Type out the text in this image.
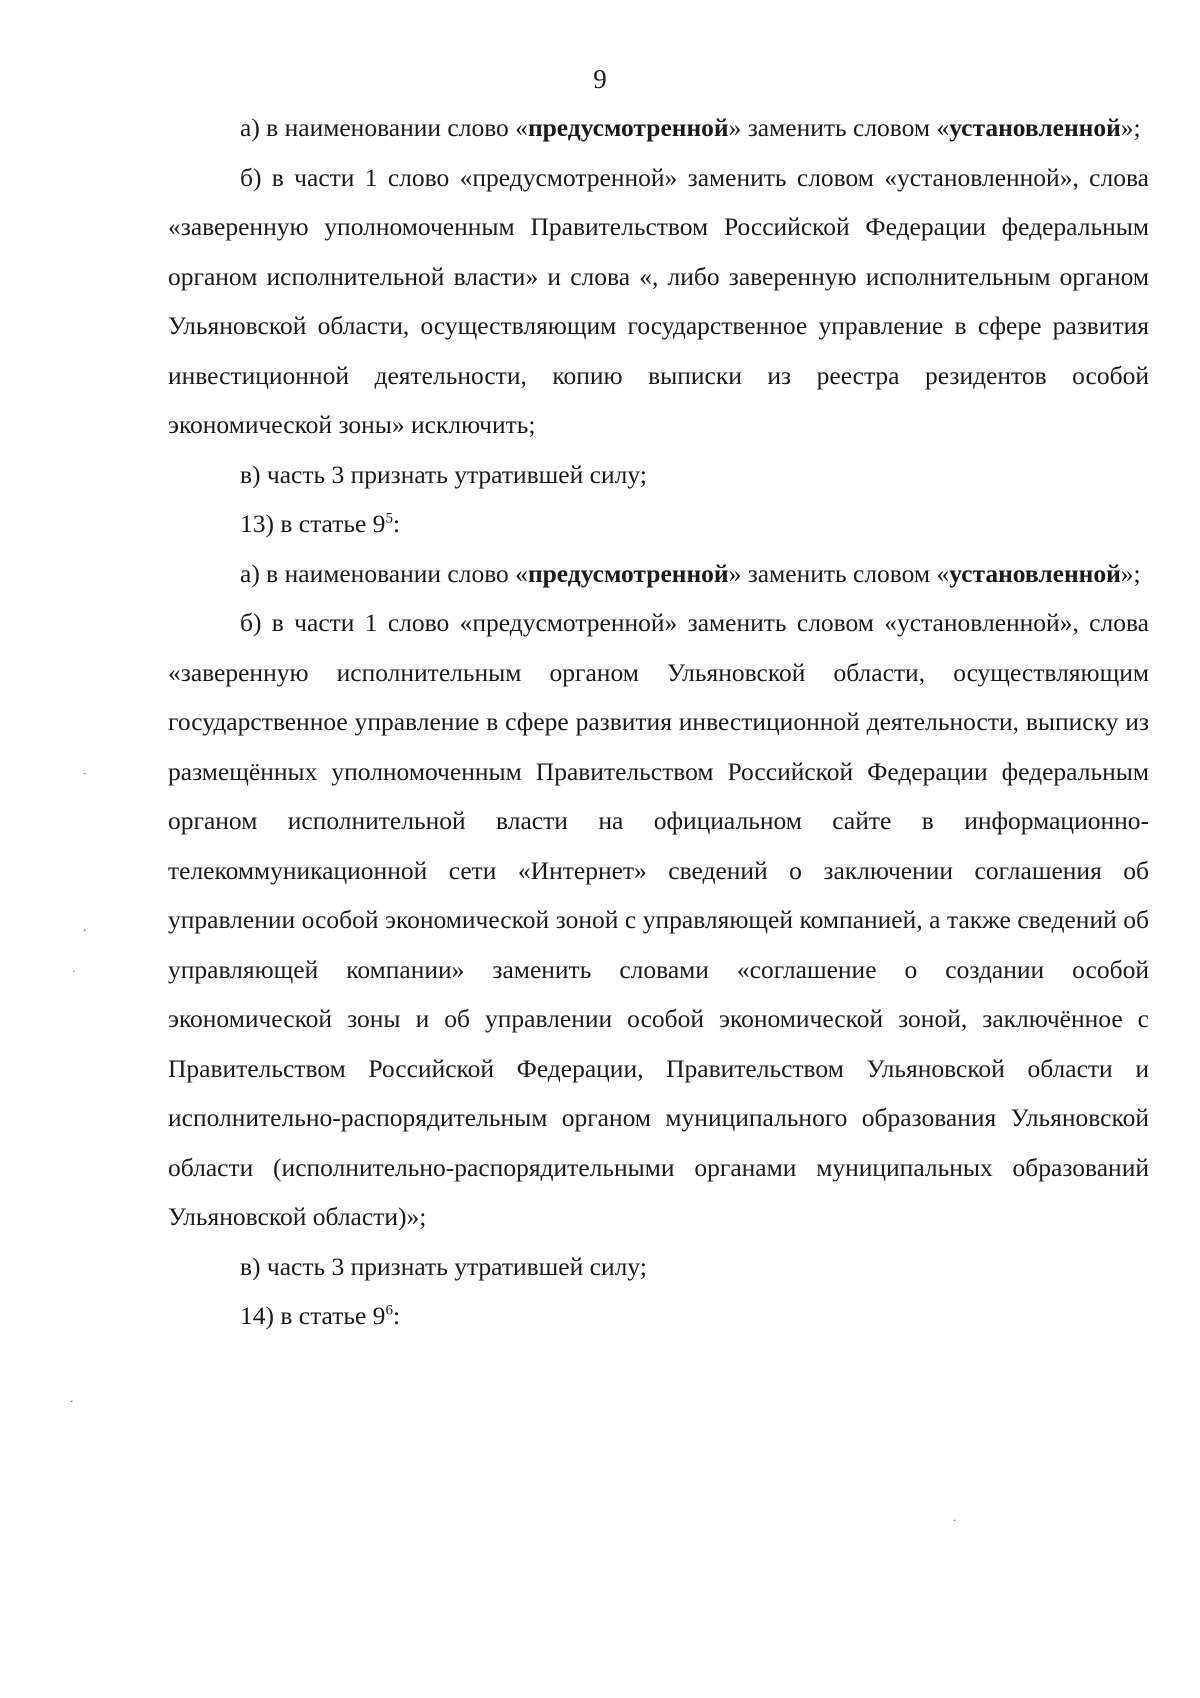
9

а) в наименовании слово «предусмотренной» заменить словом «установленной»;

б) в части 1 слово «предусмотренной» заменить словом «установленной», слова «заверенную уполномоченным Правительством Российской Федерации федеральным органом исполнительной власти» и слова «, либо заверенную исполнительным органом Ульяновской области, осуществляющим государственное управление в сфере развития инвестиционной деятельности, копию выписки из реестра резидентов особой экономической зоны» исключить;

в) часть 3 признать утратившей силу;

13) в статье $9^5$:

а) в наименовании слово «предусмотренной» заменить словом «установленной»;

б) в части 1 слово «предусмотренной» заменить словом «установленной», слова «заверенную исполнительным органом Ульяновской области, осуществляющим государственное управление в сфере развития инвестиционной деятельности, выписку из размещённых уполномоченным Правительством Российской Федерации федеральным органом исполнительной власти на официальном сайте в информационно-телекоммуникационной сети «Интернет» сведений о заключении соглашения об управлении особой экономической зоной с управляющей компанией, а также сведений об управляющей компании» заменить словами «соглашение о создании особой экономической зоны и об управлении особой экономической зоной, заключённое с Правительством Российской Федерации, Правительством Ульяновской области и исполнительно-распорядительным органом муниципального образования Ульяновской области (исполнительно-распорядительными органами муниципальных образований Ульяновской области)»;

в) часть 3 признать утратившей силу;

14) в статье $9^6$:

˙
˛
·
·
·
